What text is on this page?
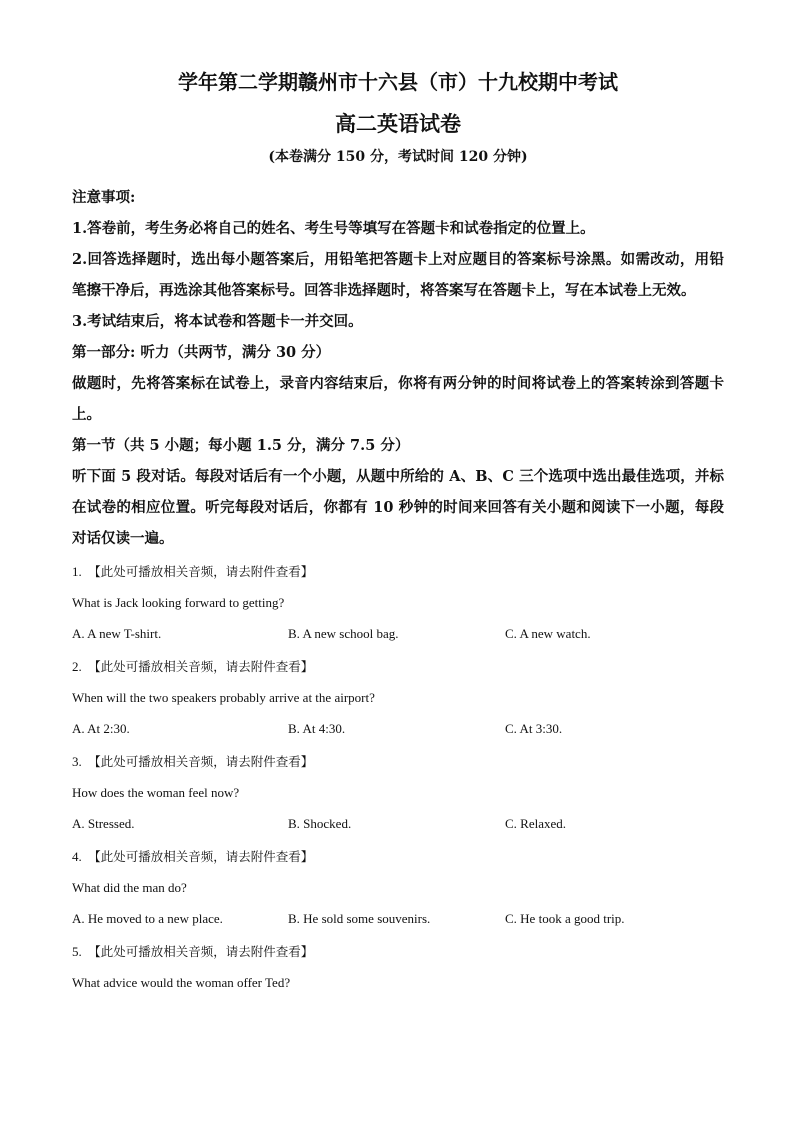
学年第二学期赣州市十六县（市）十九校期中考试

高二英语试卷

(本卷满分 150 分，考试时间 120 分钟)

注意事项:

1.答卷前，考生务必将自己的姓名、考生号等填写在答题卡和试卷指定的位置上。

2.回答选择题时，选出每小题答案后，用铅笔把答题卡上对应题目的答案标号涂黑。如需改动，用铅笔擦干净后，再选涂其他答案标号。回答非选择题时，将答案写在答题卡上，写在本试卷上无效。

3.考试结束后，将本试卷和答题卡一并交回。

第一部分: 听力（共两节，满分 30 分）

做题时，先将答案标在试卷上，录音内容结束后，你将有两分钟的时间将试卷上的答案转涂到答题卡上。

第一节（共 5 小题；每小题 1.5 分，满分 7.5 分）

听下面 5 段对话。每段对话后有一个小题，从题中所给的 A、B、C 三个选项中选出最佳选项，并标在试卷的相应位置。听完每段对话后，你都有 10 秒钟的时间来回答有关小题和阅读下一小题，每段对话仅读一遍。

1. 【此处可播放相关音频，请去附件查看】
What is Jack looking forward to getting?
A. A new T-shirt.	B. A new school bag.	C. A new watch.
2. 【此处可播放相关音频，请去附件查看】
When will the two speakers probably arrive at the airport?
A. At 2:30.	B. At 4:30.	C. At 3:30.
3. 【此处可播放相关音频，请去附件查看】
How does the woman feel now?
A. Stressed.	B. Shocked.	C. Relaxed.
4. 【此处可播放相关音频，请去附件查看】
What did the man do?
A. He moved to a new place.	B. He sold some souvenirs.	C. He took a good trip.
5. 【此处可播放相关音频，请去附件查看】
What advice would the woman offer Ted?
